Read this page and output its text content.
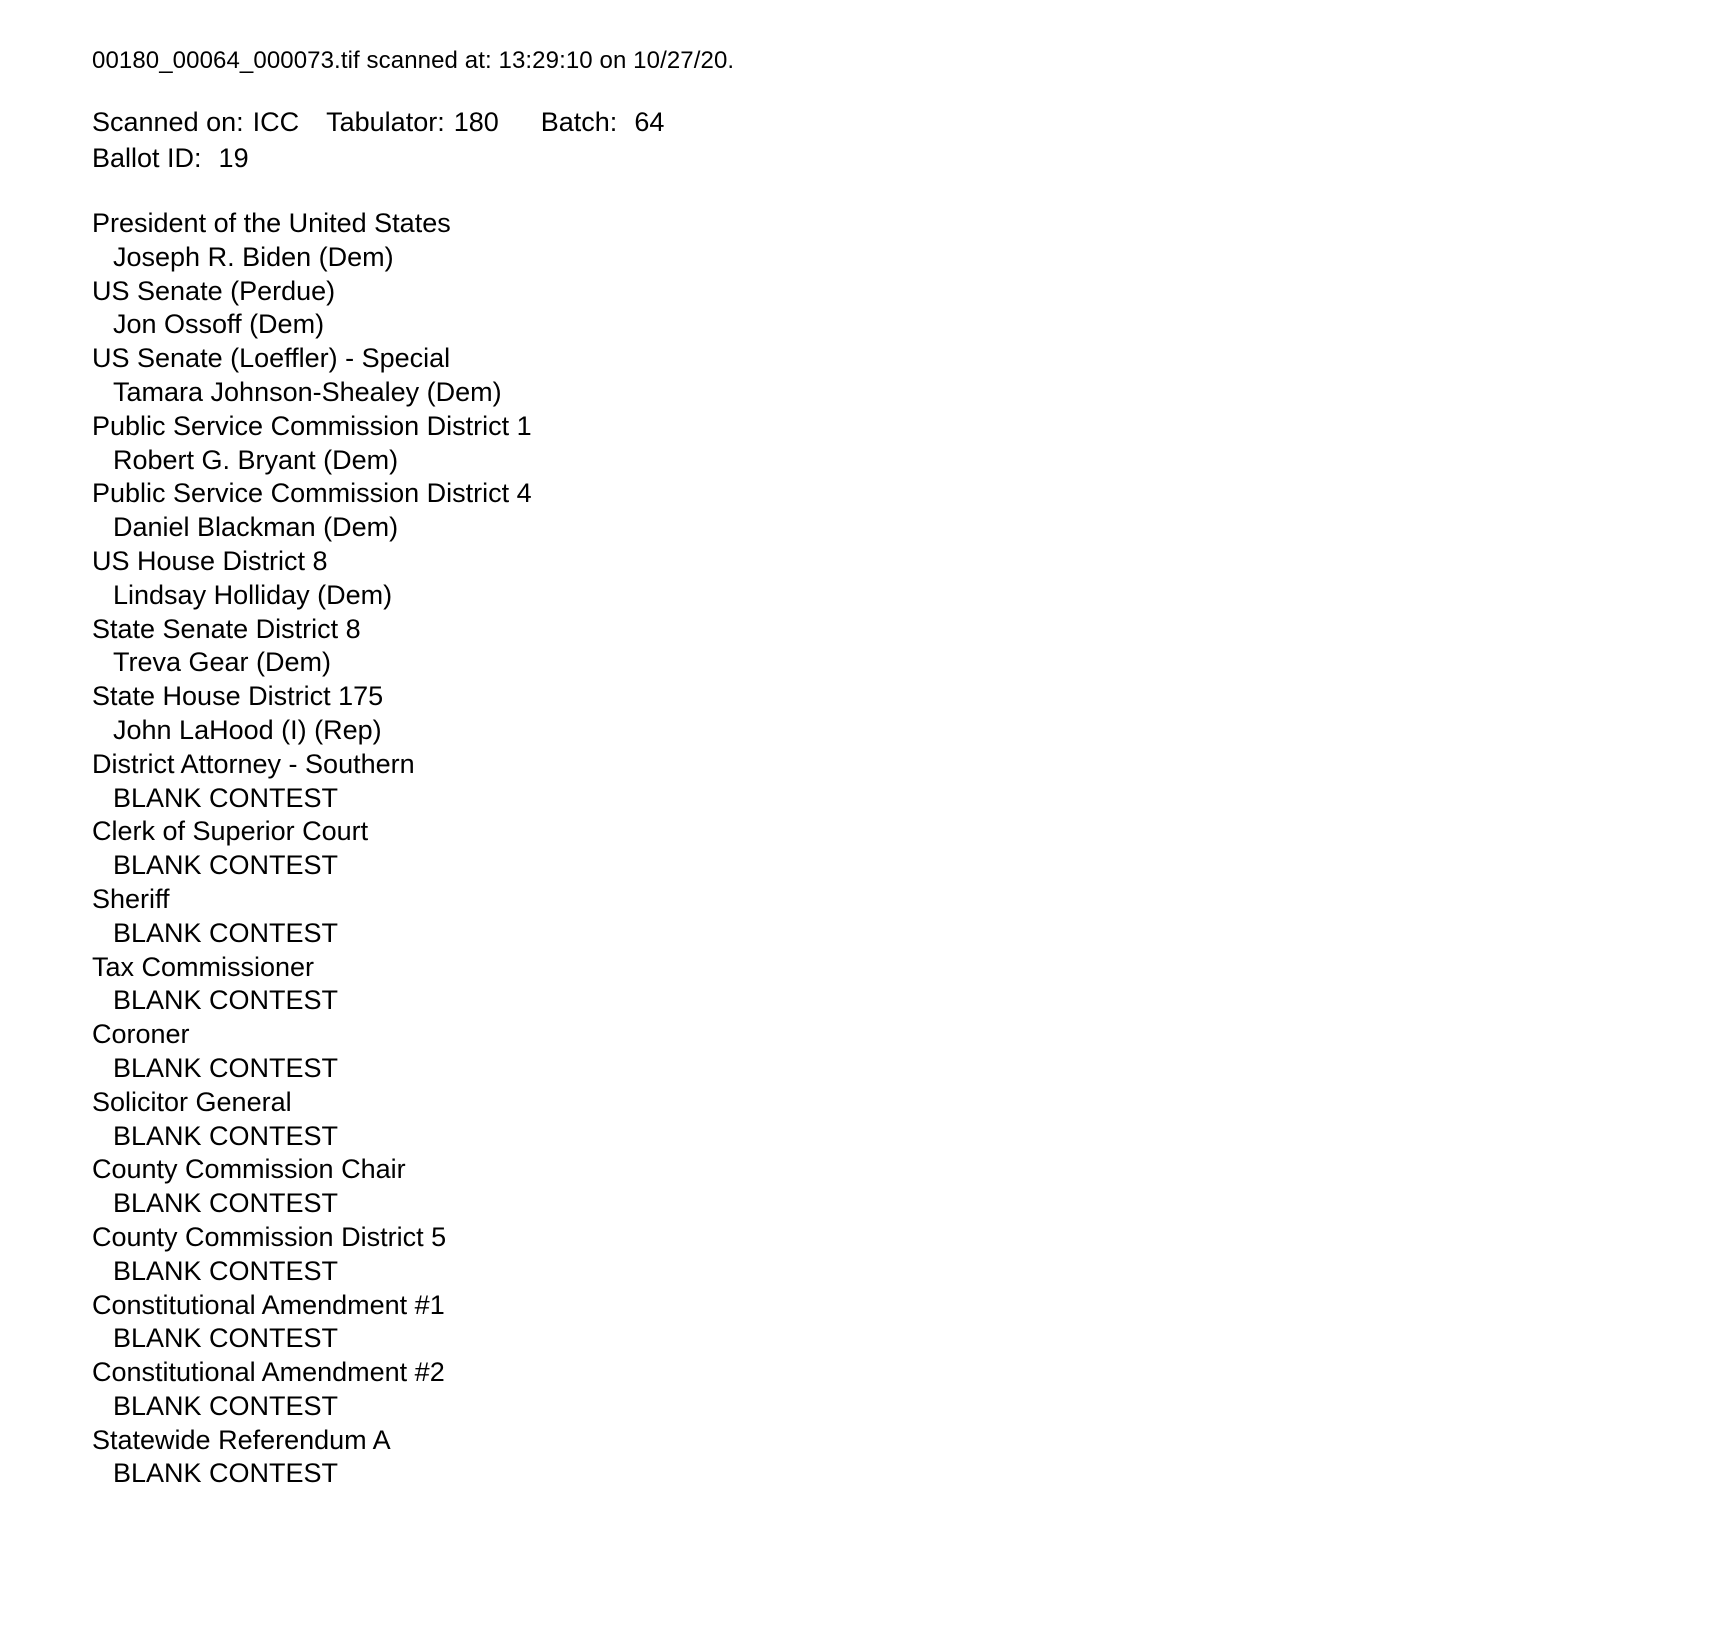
00180_00064_000073.tif scanned at: 13:29:10 on 10/27/20.
Scanned on: ICC Tabulator: 180 Batch: 64
Ballot ID: 19
President of the United States
Joseph R. Biden (Dem)
US Senate (Perdue)
Jon Ossoff (Dem)
US Senate (Loeffler) - Special
Tamara Johnson-Shealey (Dem)
Public Service Commission District 1
Robert G. Bryant (Dem)
Public Service Commission District 4
Daniel Blackman (Dem)
US House District 8
Lindsay Holliday (Dem)
State Senate District 8
Treva Gear (Dem)
State House District 175
John LaHood (I) (Rep)
District Attorney - Southern
BLANK CONTEST
Clerk of Superior Court
BLANK CONTEST
Sheriff
BLANK CONTEST
Tax Commissioner
BLANK CONTEST
Coroner
BLANK CONTEST
Solicitor General
BLANK CONTEST
County Commission Chair
BLANK CONTEST
County Commission District 5
BLANK CONTEST
Constitutional Amendment #1
BLANK CONTEST
Constitutional Amendment #2
BLANK CONTEST
Statewide Referendum A
BLANK CONTEST
